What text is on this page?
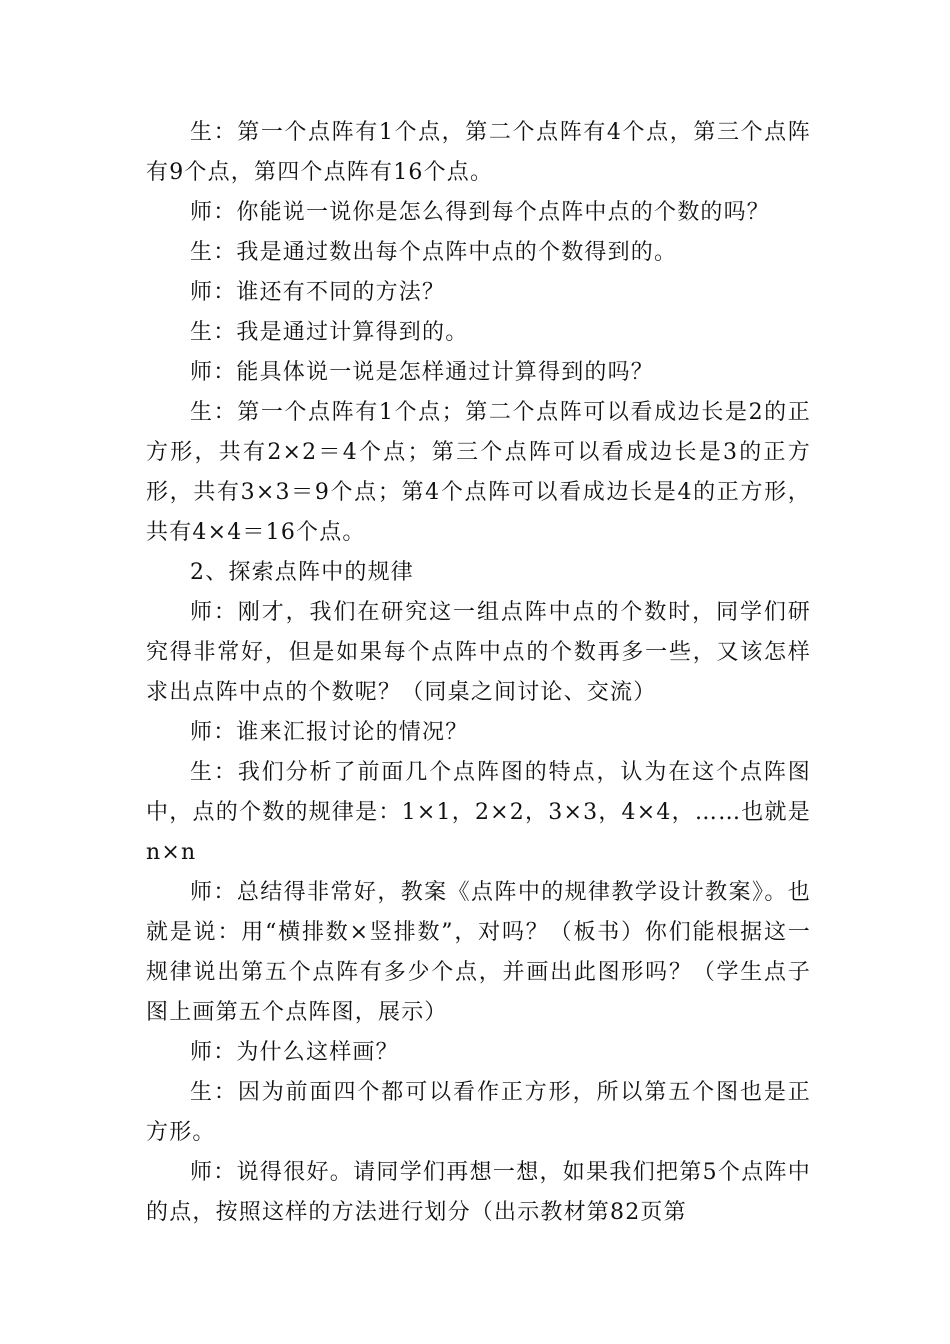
生：第一个点阵有1个点，第二个点阵有4个点，第三个点阵有9个点，第四个点阵有16个点。

师：你能说一说你是怎么得到每个点阵中点的个数的吗？

生：我是通过数出每个点阵中点的个数得到的。

师：谁还有不同的方法？

生：我是通过计算得到的。

师：能具体说一说是怎样通过计算得到的吗？

生：第一个点阵有1个点；第二个点阵可以看成边长是2的正方形，共有2×2＝4个点；第三个点阵可以看成边长是3的正方形，共有3×3＝9个点；第4个点阵可以看成边长是4的正方形，共有4×4＝16个点。

2、探索点阵中的规律

师：刚才，我们在研究这一组点阵中点的个数时，同学们研究得非常好，但是如果每个点阵中点的个数再多一些，又该怎样求出点阵中点的个数呢？（同桌之间讨论、交流）

师：谁来汇报讨论的情况？

生：我们分析了前面几个点阵图的特点，认为在这个点阵图中，点的个数的规律是：1×1，2×2，3×3，4×4，……也就是n×n

师：总结得非常好，教案《点阵中的规律教学设计教案》。也就是说：用“横排数×竖排数”，对吗？（板书）你们能根据这一规律说出第五个点阵有多少个点，并画出此图形吗？（学生点子图上画第五个点阵图，展示）

师：为什么这样画？

生：因为前面四个都可以看作正方形，所以第五个图也是正方形。

师：说得很好。请同学们再想一想，如果我们把第5个点阵中的点，按照这样的方法进行划分（出示教材第82页第
